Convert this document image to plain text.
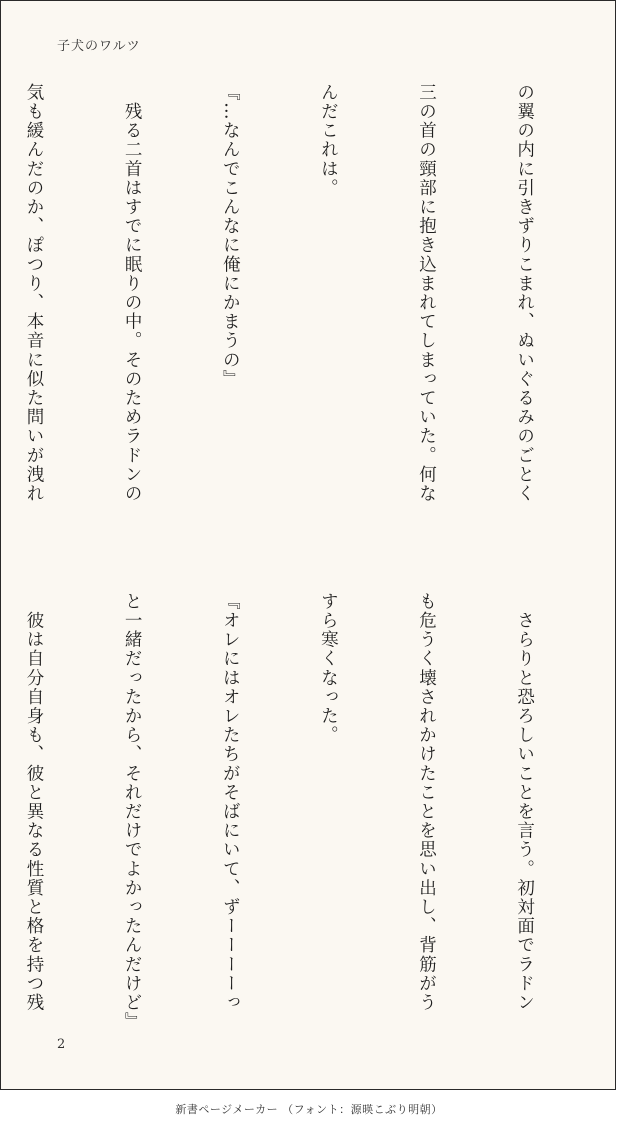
子犬のワルツ

の翼の内に引きずりこまれ、ぬいぐるみのごとく

三の首の頸部に抱き込まれてしまっていた。何な

んだこれは。

『…なんでこんなに俺にかまうの』

　残る二首はすでに眠りの中。そのためラドンの

気も緩んだのか、ぽつり、本音に似た問いが洩れ

　さらりと恐ろしいことを言う。初対面でラドン

も危うく壊されかけたことを思い出し、背筋がう

すら寒くなった。

『オレにはオレたちがそばにいて、ずーーーーっ

と一緒だったから、それだけでよかったんだけど』

　彼は自分自身も、彼と異なる性質と格を持つ残

2
新書ページメーカー （フォント：源暎こぶり明朝）
